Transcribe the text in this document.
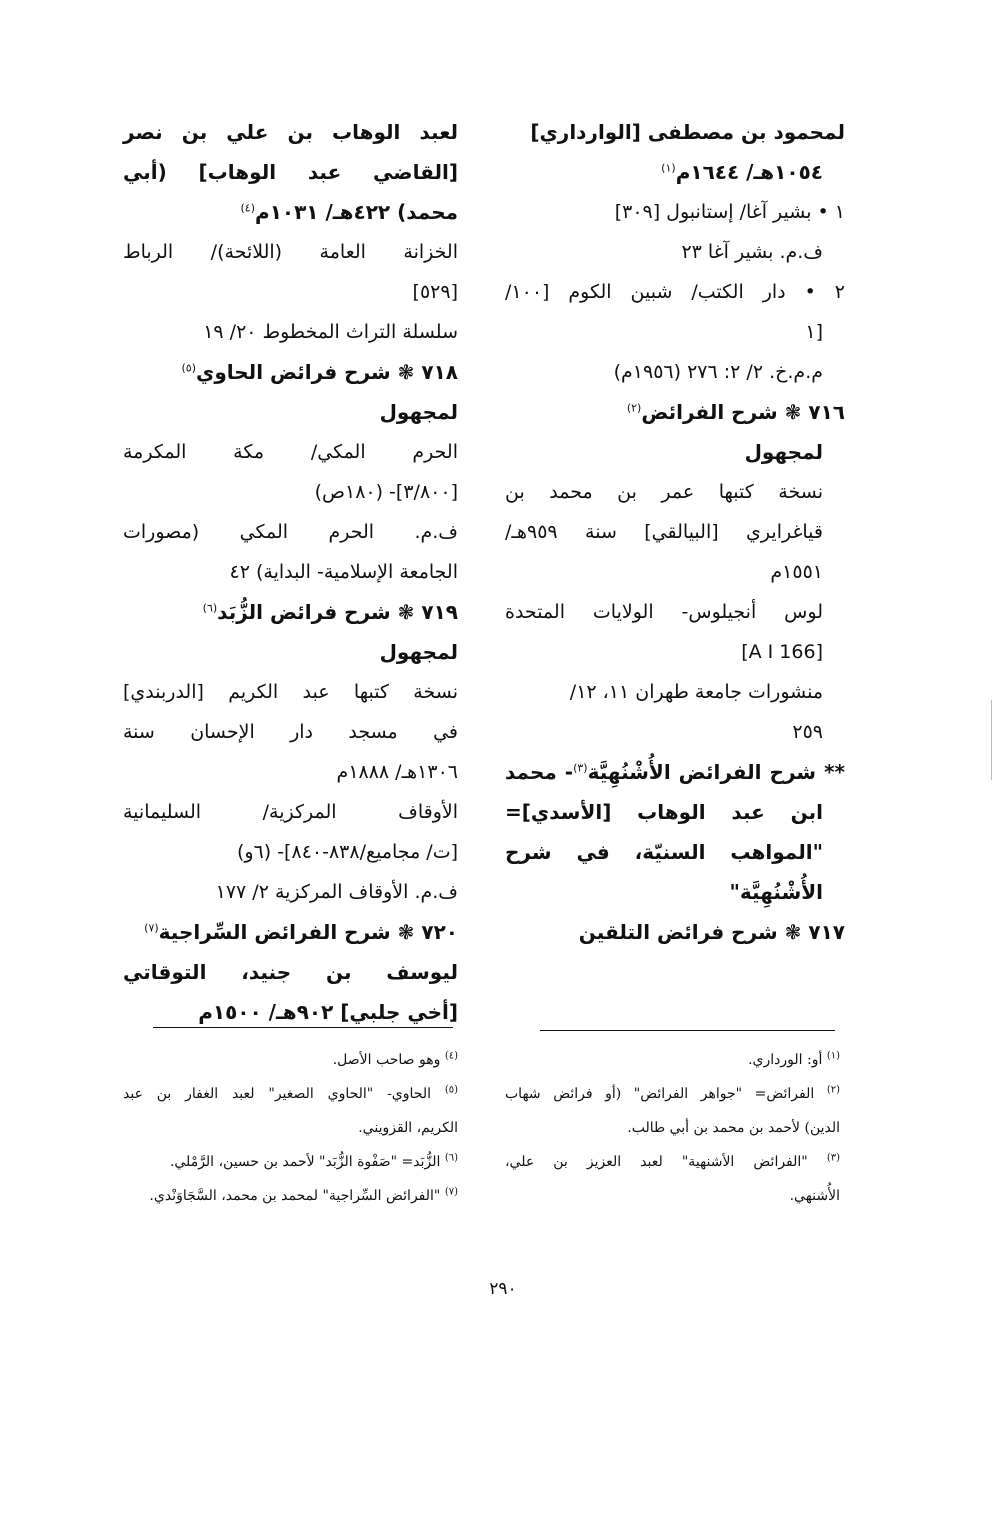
لمحمود بن مصطفى [الوارداري]
١٠٥٤هـ/ ١٦٤٤م$^{(١)}$
١ • بشير آغا/ إستانبول [٣٠٩]
ف.م. بشير آغا ٢٣
٢ • دار الكتب/ شبين الكوم [١٠٠/
[١
م.م.خ. ٢/ ٢: ٢٧٦ (١٩٥٦م)
٧١٦ ❃ شرح الفرائض$^{(٢)}$
لمجهول
نسخة كتبها عمر بن محمد بن
قياغرايري [البيالقي] سنة ٩٥٩هـ/
١٥٥١م
لوس أنجيلوس- الولايات المتحدة
[A I 166]
منشورات جامعة طهران ١١، ١٢/
٢٥٩
** شرح الفرائض الأُشْنُهِيَّة$^{(٣)}$- محمد
ابن عبد الوهاب [الأسدي]=
"المواهب السنيّة، في شرح
الأُشْنُهِيَّة"
٧١٧ ❃ شرح فرائض التلقين
لعبد الوهاب بن علي بن نصر
[القاضي عبد الوهاب] (أبي
محمد) ٤٢٢هـ/ ١٠٣١م$^{(٤)}$
الخزانة العامة (اللائحة)/ الرباط
[٥٢٩]
سلسلة التراث المخطوط ٢٠/ ١٩
٧١٨ ❃ شرح فرائض الحاوي$^{(٥)}$
لمجهول
الحرم المكي/ مكة المكرمة
[٣/٨٠٠]- (١٨٠ص)
ف.م. الحرم المكي (مصورات
الجامعة الإسلامية- البداية) ٤٢
٧١٩ ❃ شرح فرائض الزُّبَد$^{(٦)}$
لمجهول
نسخة كتبها عبد الكريم [الدربندي]
في مسجد دار الإحسان سنة
١٣٠٦هـ/ ١٨٨٨م
الأوقاف المركزية/ السليمانية
[ت/ مجاميع/٨٣٨-٨٤٠]- (٦و)
ف.م. الأوقاف المركزية ٢/ ١٧٧
٧٢٠ ❃ شرح الفرائض السِّراجية$^{(٧)}$
ليوسف بن جنيد، التوقاتي
[أخي جلبي] ٩٠٢هـ/ ١٥٠٠م
$^{(١)}$ أو: الورداري.
$^{(٢)}$ الفرائض= "جواهر الفرائض" (أو فرائض شهاب
الدين) لأحمد بن محمد بن أبي طالب.
$^{(٣)}$ "الفرائض الأشنهية" لعبد العزيز بن علي،
الأُشنهي.
$^{(٤)}$ وهو صاحب الأصل.
$^{(٥)}$ الحاوي- "الحاوي الصغير" لعبد الغفار بن عبد
الكريم، القزويني.
$^{(٦)}$ الزُّبَد= "صَفْوة الزُّبَد" لأحمد بن حسين، الرَّمْلي.
$^{(٧)}$ "الفرائض السِّراجية" لمحمد بن محمد، السَّجَاوَنْدي.
٢٩٠
